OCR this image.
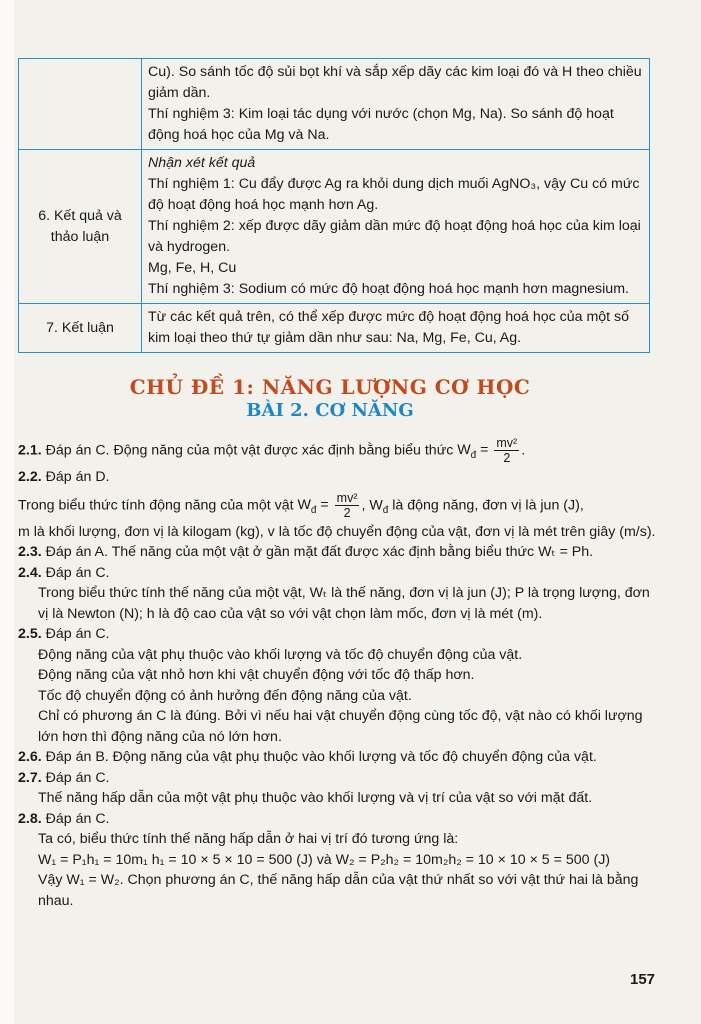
	Cu). So sánh tốc độ sủi bọt khí và sắp xếp dãy các kim loại đó và H theo chiều giảm dần.
Thí nghiệm 3: Kim loại tác dụng với nước (chọn Mg, Na). So sánh độ hoạt động hoá học của Mg và Na.

6. Kết quả và thảo luận	Nhận xét kết quả
Thí nghiệm 1: Cu đẩy được Ag ra khỏi dung dịch muối AgNO₃, vậy Cu có mức độ hoạt động hoá học mạnh hơn Ag.
Thí nghiệm 2: xếp được dãy giảm dần mức độ hoạt động hoá học của kim loại và hydrogen.
Mg, Fe, H, Cu
Thí nghiệm 3: Sodium có mức độ hoạt động hoá học mạnh hơn magnesium.

7. Kết luận	Từ các kết quả trên, có thể xếp được mức độ hoạt động hoá học của một số kim loại theo thứ tự giảm dần như sau: Na, Mg, Fe, Cu, Ag.
CHỦ ĐỀ 1: NĂNG LƯỢNG CƠ HỌC
BÀI 2. CƠ NĂNG

2.1. Đáp án C. Động năng của một vật được xác định bằng biểu thức $W_đ = \frac{\text{mv²}}{2}$ .

2.2. Đáp án D.

Trong biểu thức tính động năng của một vật $W_đ = \frac{\text{mv²}}{2}$ , $W_đ$ là động năng, đơn vị là jun (J),

m là khối lượng, đơn vị là kilogam (kg), v là tốc độ chuyển động của vật, đơn vị là mét trên giây (m/s).

2.3. Đáp án A. Thế năng của một vật ở gần mặt đất được xác định bằng biểu thức Wₜ = Ph.

2.4. Đáp án C.

Trong biểu thức tính thế năng của một vật, Wₜ là thế năng, đơn vị là jun (J); P là trọng lượng, đơn vị là Newton (N); h là độ cao của vật so với vật chọn làm mốc, đơn vị là mét (m).

2.5. Đáp án C.

Động năng của vật phụ thuộc vào khối lượng và tốc độ chuyển động của vật.

Động năng của vật nhỏ hơn khi vật chuyển động với tốc độ thấp hơn.

Tốc độ chuyển động có ảnh hưởng đến động năng của vật.

Chỉ có phương án C là đúng. Bởi vì nếu hai vật chuyển động cùng tốc độ, vật nào có khối lượng lớn hơn thì động năng của nó lớn hơn.

2.6. Đáp án B. Động năng của vật phụ thuộc vào khối lượng và tốc độ chuyển động của vật.

2.7. Đáp án C.

Thế năng hấp dẫn của một vật phụ thuộc vào khối lượng và vị trí của vật so với mặt đất.

2.8. Đáp án C.

Ta có, biểu thức tính thế năng hấp dẫn ở hai vị trí đó tương ứng là:

W₁ = P₁h₁ = 10m₁ h₁ = 10 × 5 × 10 = 500 (J) và W₂ = P₂h₂ = 10m₂h₂ = 10 × 10 × 5 = 500 (J)

Vậy W₁ = W₂. Chọn phương án C, thế năng hấp dẫn của vật thứ nhất so với vật thứ hai là bằng nhau.

157
